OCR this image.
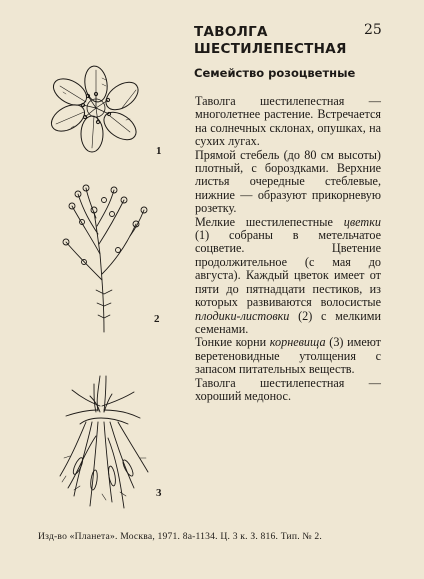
ТАВОЛГА
ШЕСТИЛЕПЕСТНАЯ
25
Семейство розоцветные

Таволга шестилепестная — многолетнее растение. Встречается на солнечных склонах, опушках, на сухих лугах.

Прямой стебель (до 80 см высоты) плотный, с бороздками. Верхние листья очередные стеблевые, нижние — образуют прикорневую розетку.

Мелкие шестилепестные цветки (1) собраны в метельчатое соцветие. Цветение продолжительное (с мая до августа). Каждый цветок имеет от пяти до пятнадцати пестиков, из которых развиваются волосистые плодики-листовки (2) с мелкими семенами.

Тонкие корни корневища (3) имеют веретеновидные утолщения с запасом питательных веществ.

Таволга шестилепестная — хороший медонос.

1
2
3
Изд-во «Планета». Москва, 1971. 8а-1134. Ц. 3 к. З. 816. Тип. № 2.
